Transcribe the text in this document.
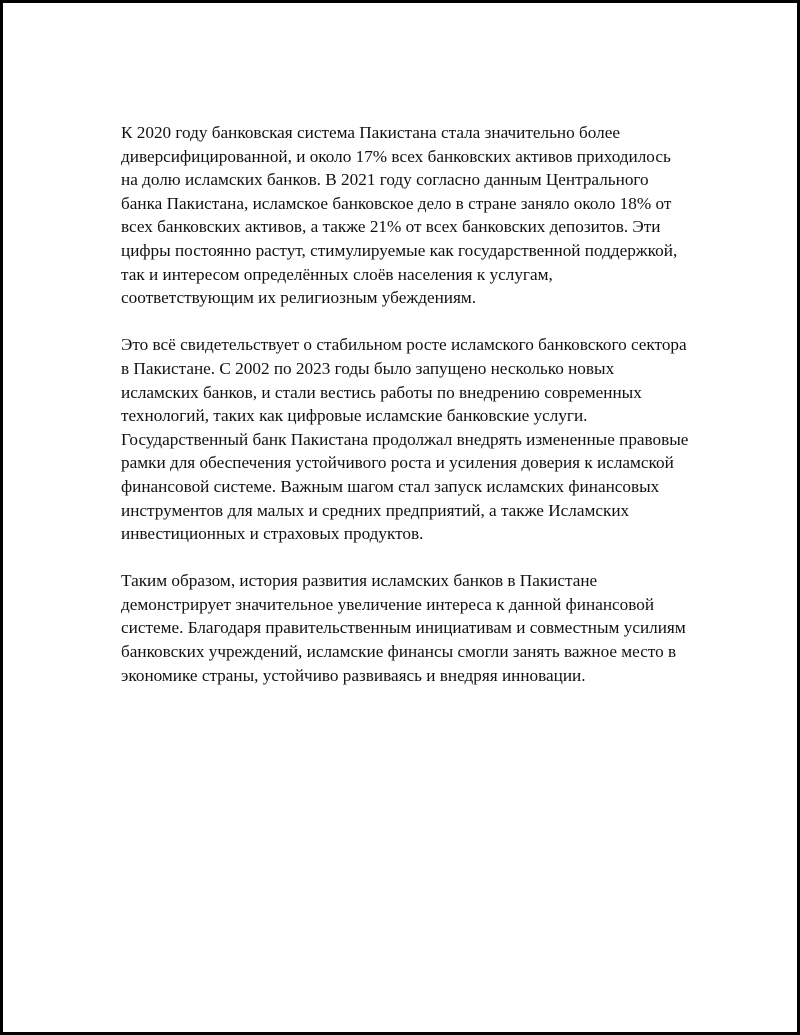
К 2020 году банковская система Пакистана стала значительно более диверсифицированной, и около 17% всех банковских активов приходилось на долю исламских банков. В 2021 году согласно данным Центрального банка Пакистана, исламское банковское дело в стране заняло около 18% от всех банковских активов, а также 21% от всех банковских депозитов. Эти цифры постоянно растут, стимулируемые как государственной поддержкой, так и интересом определённых слоёв населения к услугам, соответствующим их религиозным убеждениям.

Это всё свидетельствует о стабильном росте исламского банковского сектора в Пакистане. С 2002 по 2023 годы было запущено несколько новых исламских банков, и стали вестись работы по внедрению современных технологий, таких как цифровые исламские банковские услуги. Государственный банк Пакистана продолжал внедрять измененные правовые рамки для обеспечения устойчивого роста и усиления доверия к исламской финансовой системе. Важным шагом стал запуск исламских финансовых инструментов для малых и средних предприятий, а также Исламских инвестиционных и страховых продуктов.

Таким образом, история развития исламских банков в Пакистане демонстрирует значительное увеличение интереса к данной финансовой системе. Благодаря правительственным инициативам и совместным усилиям банковских учреждений, исламские финансы смогли занять важное место в экономике страны, устойчиво развиваясь и внедряя инновации.
